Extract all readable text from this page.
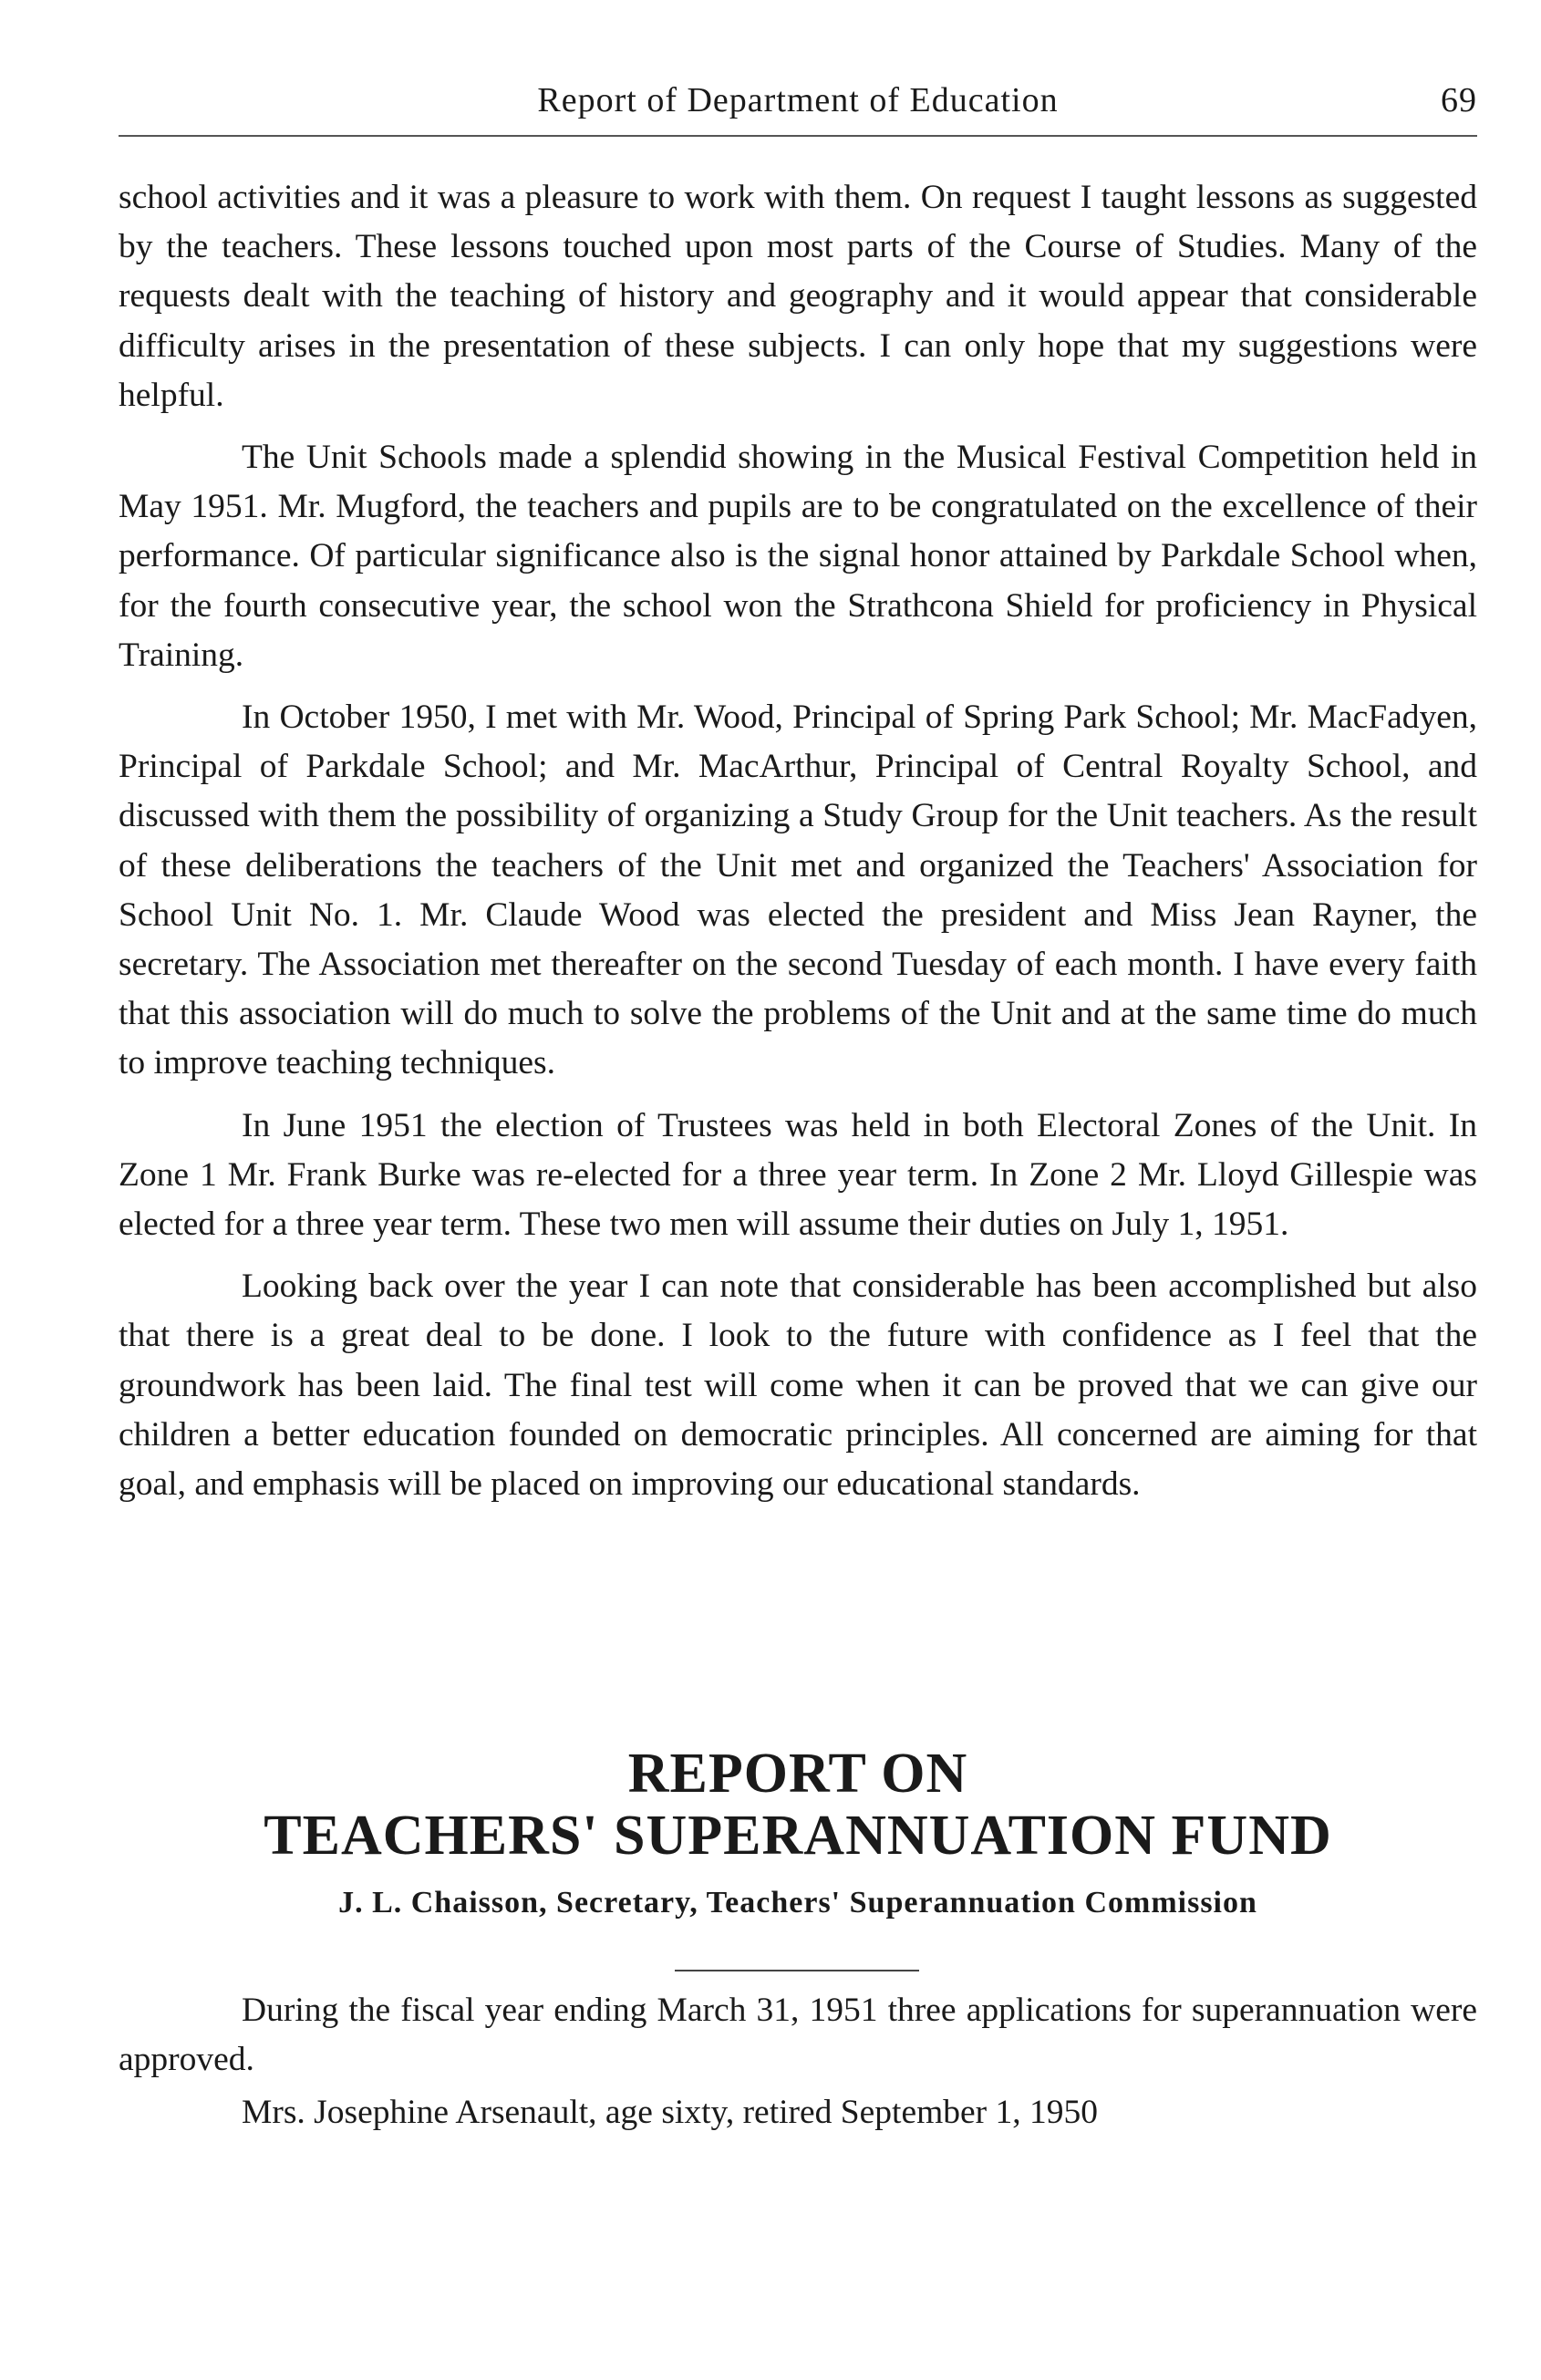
Report of Department of Education	69

school activities and it was a pleasure to work with them. On request I taught lessons as suggested by the teachers. These lessons touched upon most parts of the Course of Studies. Many of the requests dealt with the teaching of history and geography and it would appear that considerable difficulty arises in the presentation of these subjects. I can only hope that my suggestions were helpful.

The Unit Schools made a splendid showing in the Musical Festival Competition held in May 1951. Mr. Mugford, the teachers and pupils are to be congratulated on the excellence of their performance. Of particular significance also is the signal honor attained by Parkdale School when, for the fourth consecutive year, the school won the Strathcona Shield for proficiency in Physical Training.

In October 1950, I met with Mr. Wood, Principal of Spring Park School; Mr. MacFadyen, Principal of Parkdale School; and Mr. MacArthur, Principal of Central Royalty School, and discussed with them the possibility of organizing a Study Group for the Unit teachers. As the result of these deliberations the teachers of the Unit met and organized the Teachers' Association for School Unit No. 1. Mr. Claude Wood was elected the president and Miss Jean Rayner, the secretary. The Association met thereafter on the second Tuesday of each month. I have every faith that this association will do much to solve the problems of the Unit and at the same time do much to improve teaching techniques.

In June 1951 the election of Trustees was held in both Electoral Zones of the Unit. In Zone 1 Mr. Frank Burke was re-elected for a three year term. In Zone 2 Mr. Lloyd Gillespie was elected for a three year term. These two men will assume their duties on July 1, 1951.

Looking back over the year I can note that considerable has been accomplished but also that there is a great deal to be done. I look to the future with confidence as I feel that the groundwork has been laid. The final test will come when it can be proved that we can give our children a better education founded on democratic principles. All concerned are aiming for that goal, and emphasis will be placed on improving our educational standards.

REPORT ON
TEACHERS' SUPERANNUATION FUND
J. L. Chaisson, Secretary, Teachers' Superannuation Commission

During the fiscal year ending March 31, 1951 three applications for superannuation were approved.

Mrs. Josephine Arsenault, age sixty, retired September 1, 1950
